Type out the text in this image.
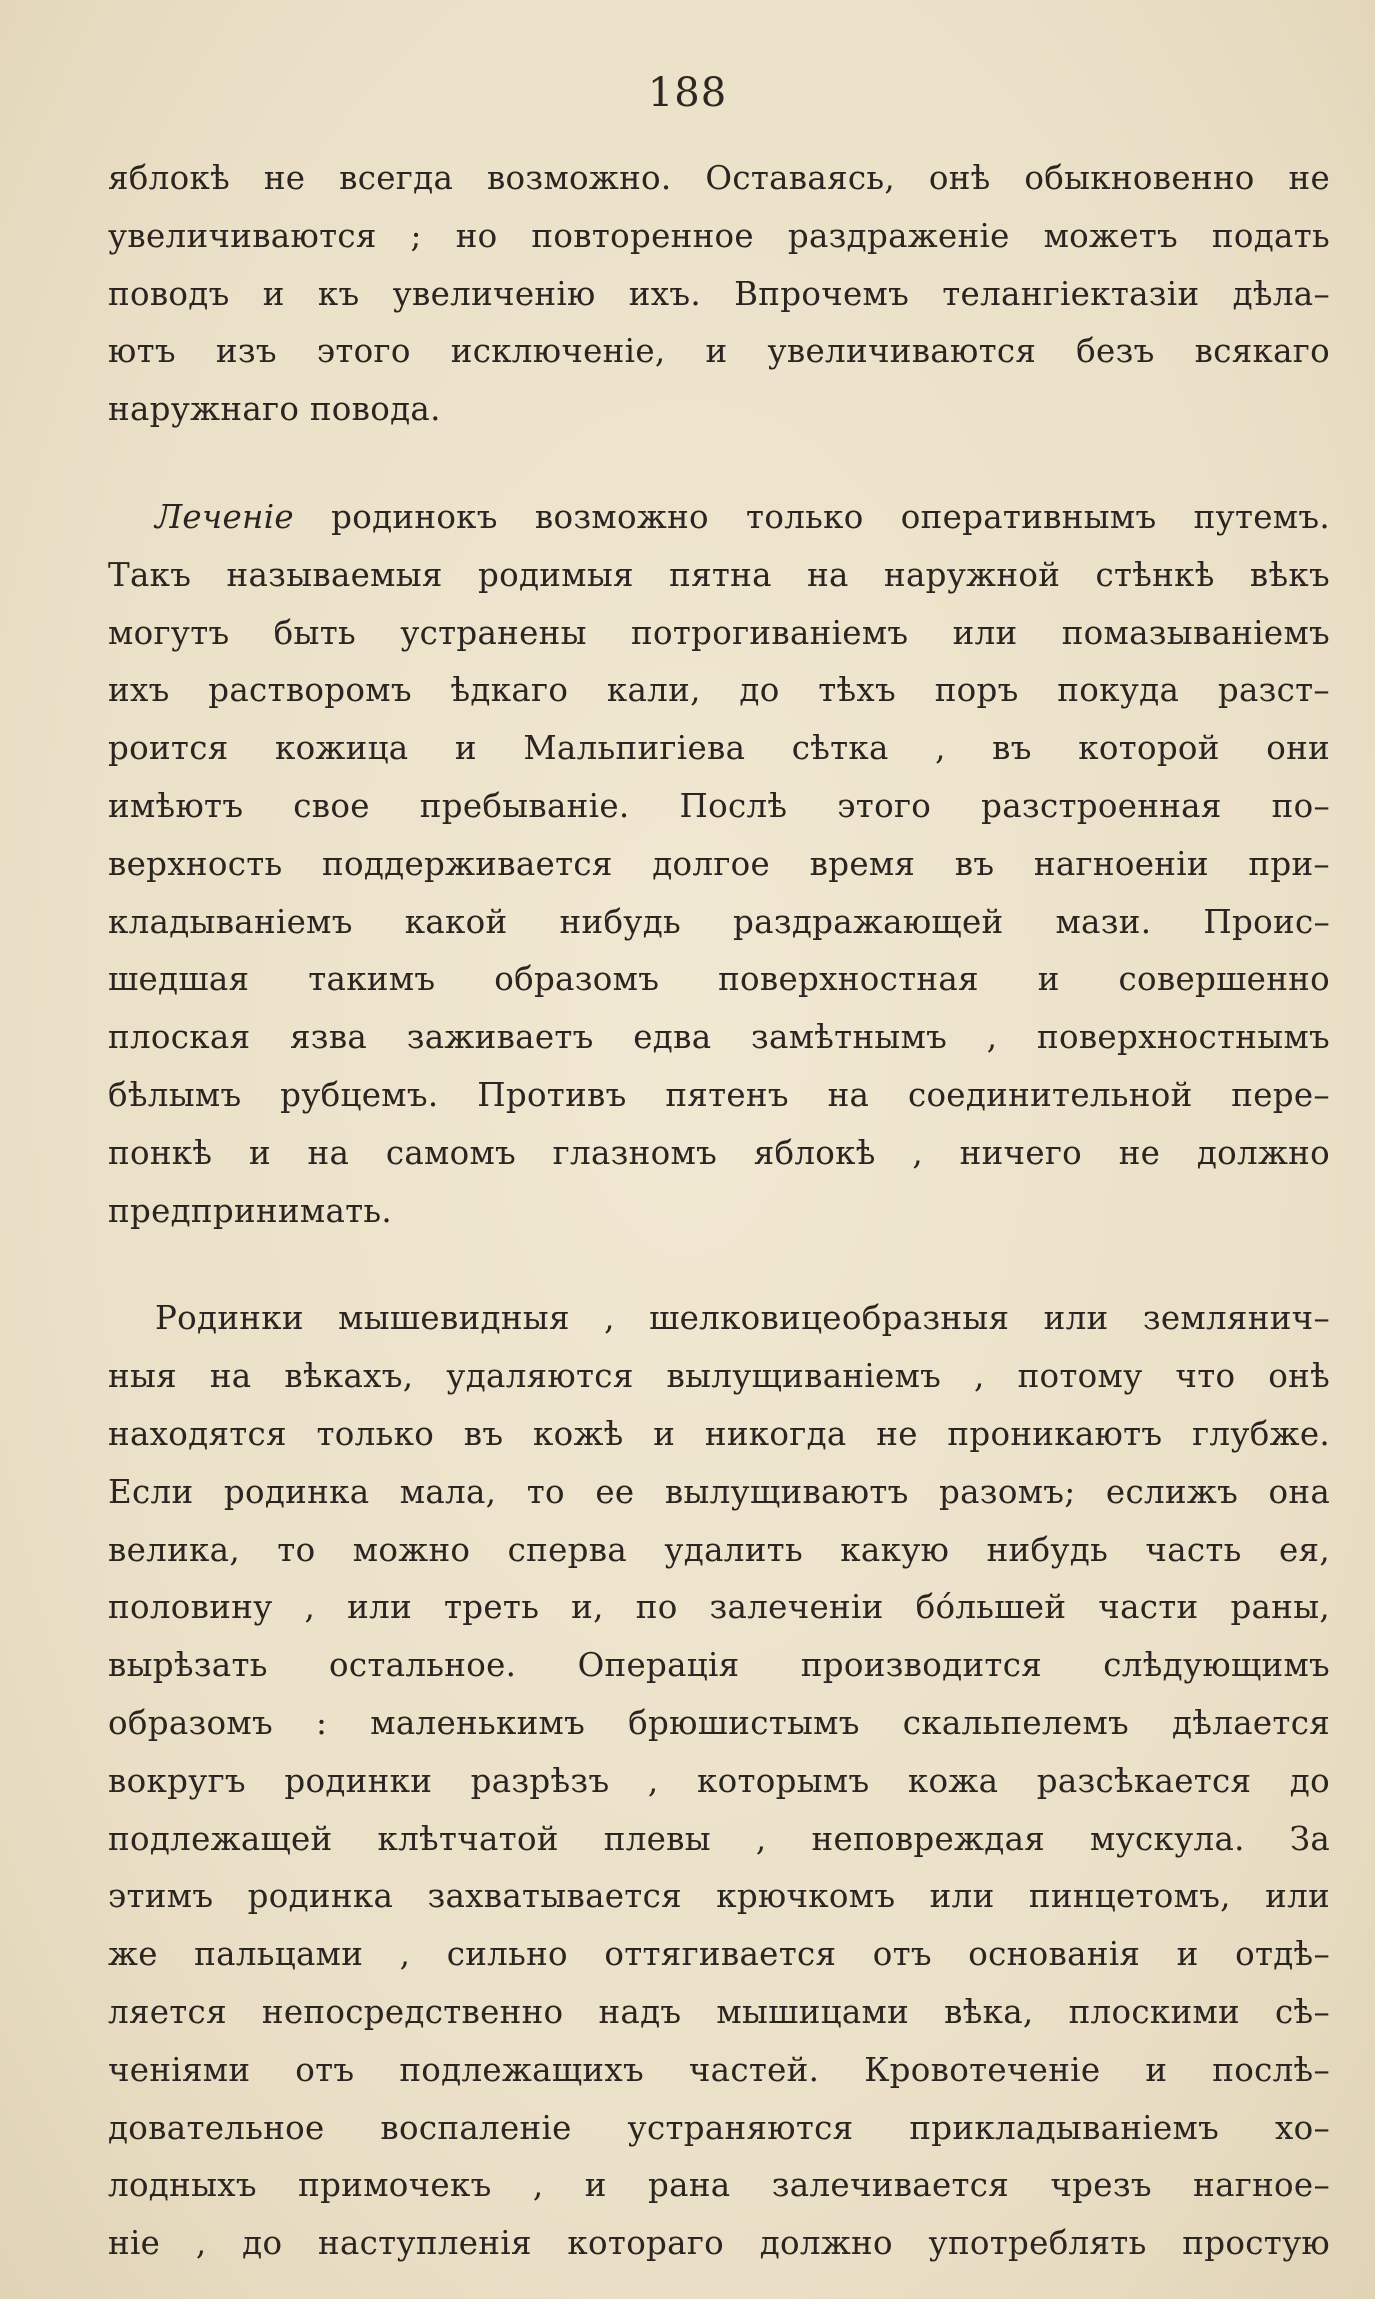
188
яблокѣ не всегда возможно. Оставаясь, онѣ обыкновенно не
увеличиваются ; но повторенное раздраженіе можетъ подать
поводъ и къ увеличенію ихъ. Впрочемъ телангіектазіи дѣла–
ютъ изъ этого исключеніе, и увеличиваются безъ всякаго
наружнаго повода.
Леченіе родинокъ возможно только оперативнымъ путемъ.
Такъ называемыя родимыя пятна на наружной стѣнкѣ вѣкъ
могутъ быть устранены потрогиваніемъ или помазываніемъ
ихъ растворомъ ѣдкаго кали, до тѣхъ поръ покуда разст–
роится кожица и Мальпигіева сѣтка , въ которой они
имѣютъ свое пребываніе. Послѣ этого разстроенная по–
верхность поддерживается долгое время въ нагноеніи при–
кладываніемъ какой нибудь раздражающей мази. Проис–
шедшая такимъ образомъ поверхностная и совершенно
плоская язва заживаетъ едва замѣтнымъ , поверхностнымъ
бѣлымъ рубцемъ. Противъ пятенъ на соединительной пере–
понкѣ и на самомъ глазномъ яблокѣ , ничего не должно
предпринимать.
Родинки мышевидныя , шелковицеобразныя или землянич–
ныя на вѣкахъ, удаляются вылущиваніемъ , потому что онѣ
находятся только въ кожѣ и никогда не проникаютъ глубже.
Если родинка мала, то ее вылущиваютъ разомъ; еслижъ она
велика, то можно сперва удалить какую нибудь часть ея,
половину , или треть и, по залеченіи бо́льшей части раны,
вырѣзать остальное. Операція производится слѣдующимъ
образомъ : маленькимъ брюшистымъ скальпелемъ дѣлается
вокругъ родинки разрѣзъ , которымъ кожа разсѣкается до
подлежащей клѣтчатой плевы , неповреждая мускула. За
этимъ родинка захватывается крючкомъ или пинцетомъ, или
же пальцами , сильно оттягивается отъ основанія и отдѣ–
ляется непосредственно надъ мышицами вѣка, плоскими сѣ–
ченіями отъ подлежащихъ частей. Кровотеченіе и послѣ–
довательное воспаленіе устраняются прикладываніемъ хо–
лодныхъ примочекъ , и рана залечивается чрезъ нагное–
ніе , до наступленія котораго должно употреблять простую
